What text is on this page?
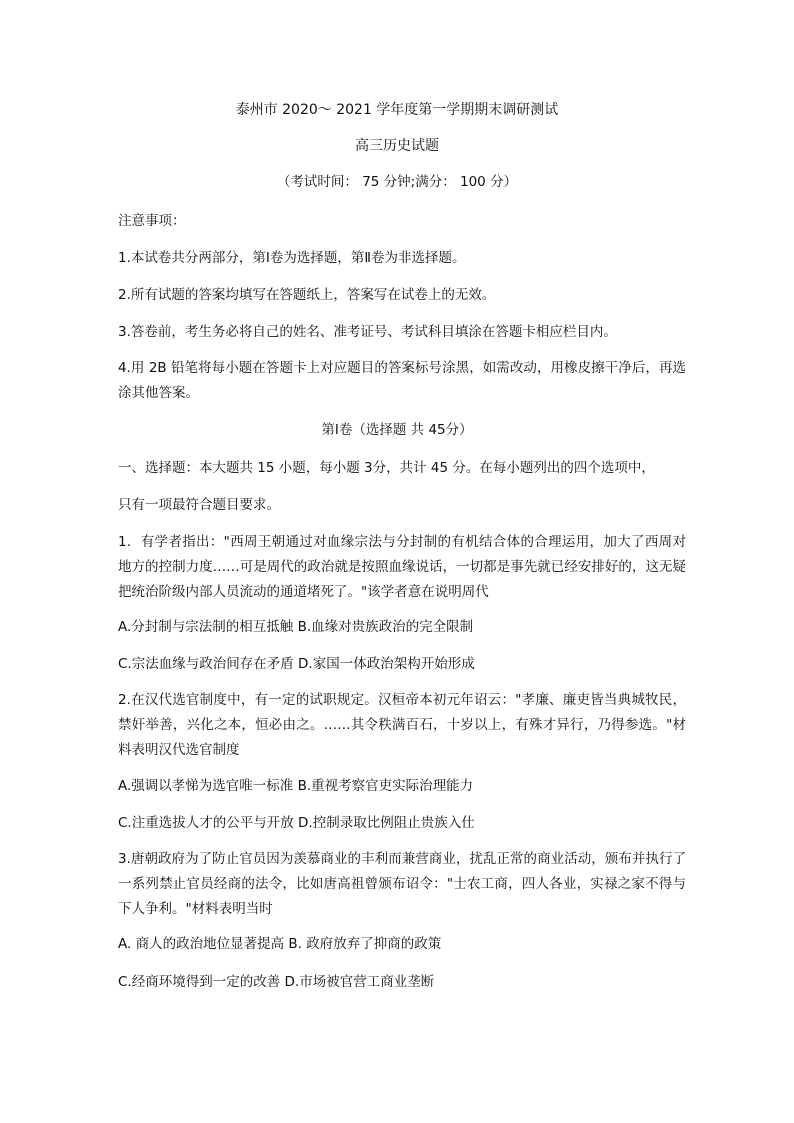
泰州市 2020～ 2021 学年度第一学期期末调研测试
高三历史试题
（考试时间： 75 分钟;满分： 100 分）
注意事项：
1.本试卷共分两部分，第Ⅰ卷为选择题，第Ⅱ卷为非选择题。
2.所有试题的答案均填写在答题纸上，答案写在试卷上的无效。
3.答卷前，考生务必将自己的姓名、准考证号、考试科目填涂在答题卡相应栏目内。
4.用 2B 铅笔将每小题在答题卡上对应题目的答案标号涂黑，如需改动，用橡皮擦干净后，再选涂其他答案。
第Ⅰ卷（选择题 共 45分）
一、选择题：本大题共 15 小题，每小题 3分，共计 45 分。在每小题列出的四个选项中，
只有一项最符合题目要求。
1．有学者指出："西周王朝通过对血缘宗法与分封制的有机结合体的合理运用，加大了西周对地方的控制力度……可是周代的政治就是按照血缘说话，一切都是事先就已经安排好的，这无疑把统治阶级内部人员流动的通道堵死了。"该学者意在说明周代
A.分封制与宗法制的相互抵触 B.血缘对贵族政治的完全限制
C.宗法血缘与政治间存在矛盾 D.家国一体政治架构开始形成
2.在汉代选官制度中，有一定的试职规定。汉桓帝本初元年诏云："孝廉、廉吏皆当典城牧民，禁奸举善，兴化之本，恒必由之。……其令秩满百石，十岁以上，有殊才异行，乃得参选。"材料表明汉代选官制度
A.强调以孝悌为选官唯一标准 B.重视考察官吏实际治理能力
C.注重选拔人才的公平与开放 D.控制录取比例阻止贵族入仕
3.唐朝政府为了防止官员因为羡慕商业的丰利而兼营商业，扰乱正常的商业活动，颁布并执行了一系列禁止官员经商的法令，比如唐高祖曾颁布诏令："士农工商，四人各业，实禄之家不得与下人争利。"材料表明当时
A. 商人的政治地位显著提高 B. 政府放弃了抑商的政策
C.经商环境得到一定的改善 D.市场被官营工商业垄断
